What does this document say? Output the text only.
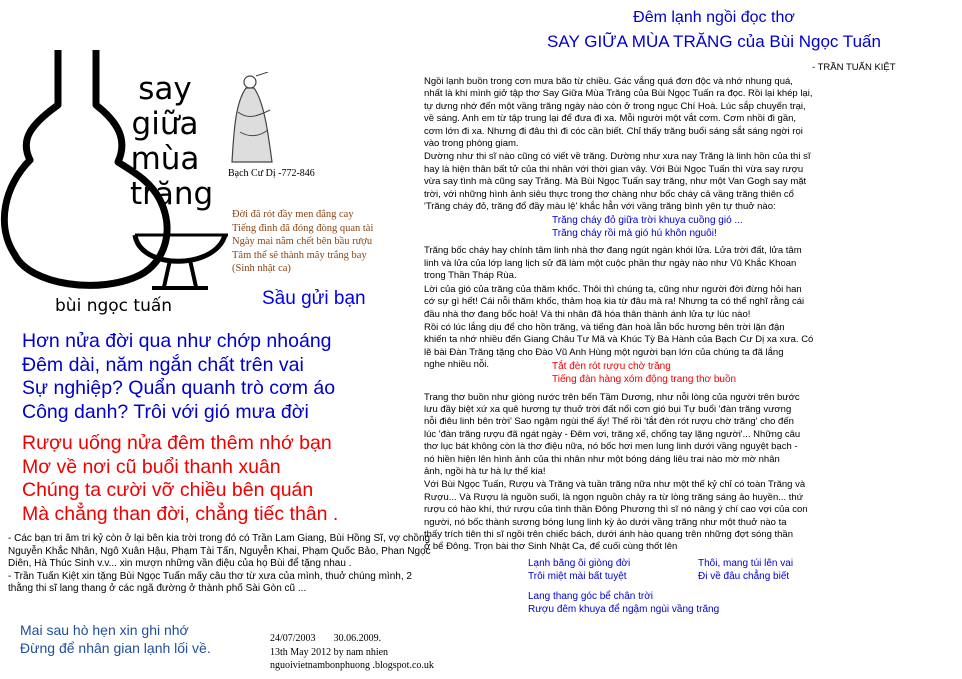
say
giữa
mùa
trăng
Bạch Cư Dị -772-846
Đời đã rót đầy men đắng cay
Tiếng đình đã đóng đòng quan tài
Ngày mai nằm chết bên bầu rượu
Tâm thể sẽ thành mây trắng bay
(Sinh nhật ca)
bùi ngọc tuấn	Sầu gửi bạn
Hơn nửa đời qua như chớp nhoáng
Đêm dài, năm ngắn chất trên vai
Sự nghiệp? Quẩn quanh trò cơm áo
Công danh? Trôi với gió mưa đời
Rượu uống nửa đêm thêm nhớ bạn
Mơ về nơi cũ buổi thanh xuân
Chúng ta cười vỡ chiều bên quán
Mà chẳng than đời, chẳng tiếc thân .
- Các bạn tri âm tri kỷ còn ở lại bên kia trời trong đó có Trần Lam Giang, Bùi Hồng Sĩ, vợ chồng Nguyễn Khắc Nhân, Ngô Xuân Hậu, Phạm Tài Tấn, Nguyễn Khai, Phạm Quốc Bảo, Phan Ngọc Diên, Hà Thúc Sinh v.v... xin mượn những vần điệu của họ Bùi để tặng nhau .
- Trần Tuấn Kiệt xin tặng Bùi Ngọc Tuấn mấy câu thơ từ xưa của mình, thuở chúng mình, 2 thằng thi sĩ lang thang ở các ngã đường ở thành phố Sài Gòn cũ ...
Mai sau hò hẹn xin ghi nhớ
Đừng để nhân gian lạnh lối về.
24/07/2003 30.06.2009.
13th May 2012 by nam nhien
nguoivietnambonphuong .blogspot.co.uk
Đêm lạnh ngồi đọc thơ
SAY GIỮA MÙA TRĂNG của Bùi Ngọc Tuấn
- TRẦN TUẤN KIỆT

Ngồi lạnh buồn trong cơn mưa bão từ chiều. Gác vắng quá đơn độc và nhớ nhung quá,
nhất là khi mình giở tập thơ Say Giữa Mùa Trăng của Bùi Ngọc Tuấn ra đọc. Rồi lại khép lại,
tự dưng nhớ đến một vầng trăng ngày nào còn ở trong ngục Chí Hoà. Lúc sắp chuyển trại,
về sáng. Anh em từ tập trung lại để đưa đi xa. Mỗi người một vắt cơm. Cơm nhồi đi gần,
cơm lớn đi xa. Nhưng đi đâu thì đi cóc cần biết. Chỉ thấy trăng buổi sáng sắt sáng ngời rọi
vào trong phòng giam.

Dường như thi sĩ nào cũng có viết về trăng. Dường như xưa nay Trăng là linh hồn của thi sĩ
hay là hiện thân bất tử của thi nhân với thời gian vây. Với Bùi Ngọc Tuấn thì vừa say rượu
vừa say tình mà cũng say Trăng. Mà Bùi Ngọc Tuấn say trăng, như một Van Gogh say mặt
trời, với những hình ảnh siêu thực trong thơ chàng như bốc cháy cả vầng trăng thiên cổ
'Trăng cháy đỏ, trăng đổ đầy màu lệ' khắc hẳn với vầng trăng bình yên tự thuở nào:

Trăng cháy đỏ giữa trời khuya cuồng gió ...
Trăng cháy rồi mà gió hú khôn nguôi!

Trăng bốc cháy hay chính tâm linh nhà thơ đang ngút ngàn khói lửa. Lửa trời đất, lửa tâm
linh và lửa của lớp lang lịch sử đã làm một cuộc phần thư ngày nào như Vũ Khắc Khoan
trong Thần Tháp Rùa.

Lời của gió của trăng của thăm khốc. Thôi thì chúng ta, cũng như người đời đừng hỏi han
cớ sự gì hết! Cái nỗi thăm khốc, thảm hoạ kia từ đâu mà ra! Nhưng ta có thể nghĩ rằng cái
đầu nhà thơ đang bốc hoả! Và thi nhân đã hóa thân thành ánh lửa tự lúc nào!

Rồi có lúc lắng dịu để cho hồn trăng, và tiếng đàn hoà lẫn bốc hương bên trời lặn đận
khiến ta nhớ nhiều đến Giang Châu Tư Mã và Khúc Tỳ Bà Hành của Bạch Cư Dị xa xưa. Có
lẽ bài Đàn Trăng tặng cho Đào Vũ Anh Hùng một người bạn lớn của chúng ta đã lắng
nghe nhiều nỗi.	Tắt đèn rót rượu chờ trăng
Tiếng đàn hàng xóm động trang thơ buồn

Trang thơ buồn như giòng nước trên bến Tầm Dương, như nỗi lòng của người trên bước
lưu đầy biệt xứ xa quê hương tự thuở trời đất nổi cơn gió bụi Tự buổi 'đàn trăng vương
nỗi điêu linh bên trời' Sao ngậm ngùi thế ấy! Thế rồi 'tắt đèn rót rượu chờ trăng' cho đến
lúc 'đàn trăng rượu đã ngát ngày - Đêm vơi, trăng xế, chống tay lặng người'... Những câu
thơ lục bát không còn là thơ điệu nữa, nó bốc hơi men lung linh dưới vầng nguyệt bạch -
nó hiền hiện lên hình ảnh của thi nhân như một bóng dáng liêu trai nào mờ mờ nhân
ảnh, ngồi hà tư hà lự thế kia!

Với Bùi Ngọc Tuấn, Rượu và Trăng và tuần trăng nữa như một thế kỷ chỉ có toàn Trăng và
Rượu... Và Rượu là nguồn suối, là ngọn nguồn chảy ra từ lòng trăng sáng ảo huyền... thứ
rượu có hào khí, thứ rượu của tình thần Đông Phương thì sĩ nó nâng ý chí cao vợi của con
người, nó bốc thành sương bóng lung linh kỳ ảo dưới vầng trăng như một thuở nào ta
thấy trích tiên thi sĩ ngồi trên chiếc bách, dưới ánh hào quang trên những đợt sóng thần
ở bể Đông. Trọn bài thơ Sinh Nhật Ca, để cuối cùng thốt lên

Lạnh băng ôi giòng đời	Thôi, mang túi lên vai
Trôi miệt mài bất tuyệt	Đi về đâu chẳng biết
Lang thang góc bể chân trời
Rượu đêm khuya để ngậm ngùi vầng trăng
